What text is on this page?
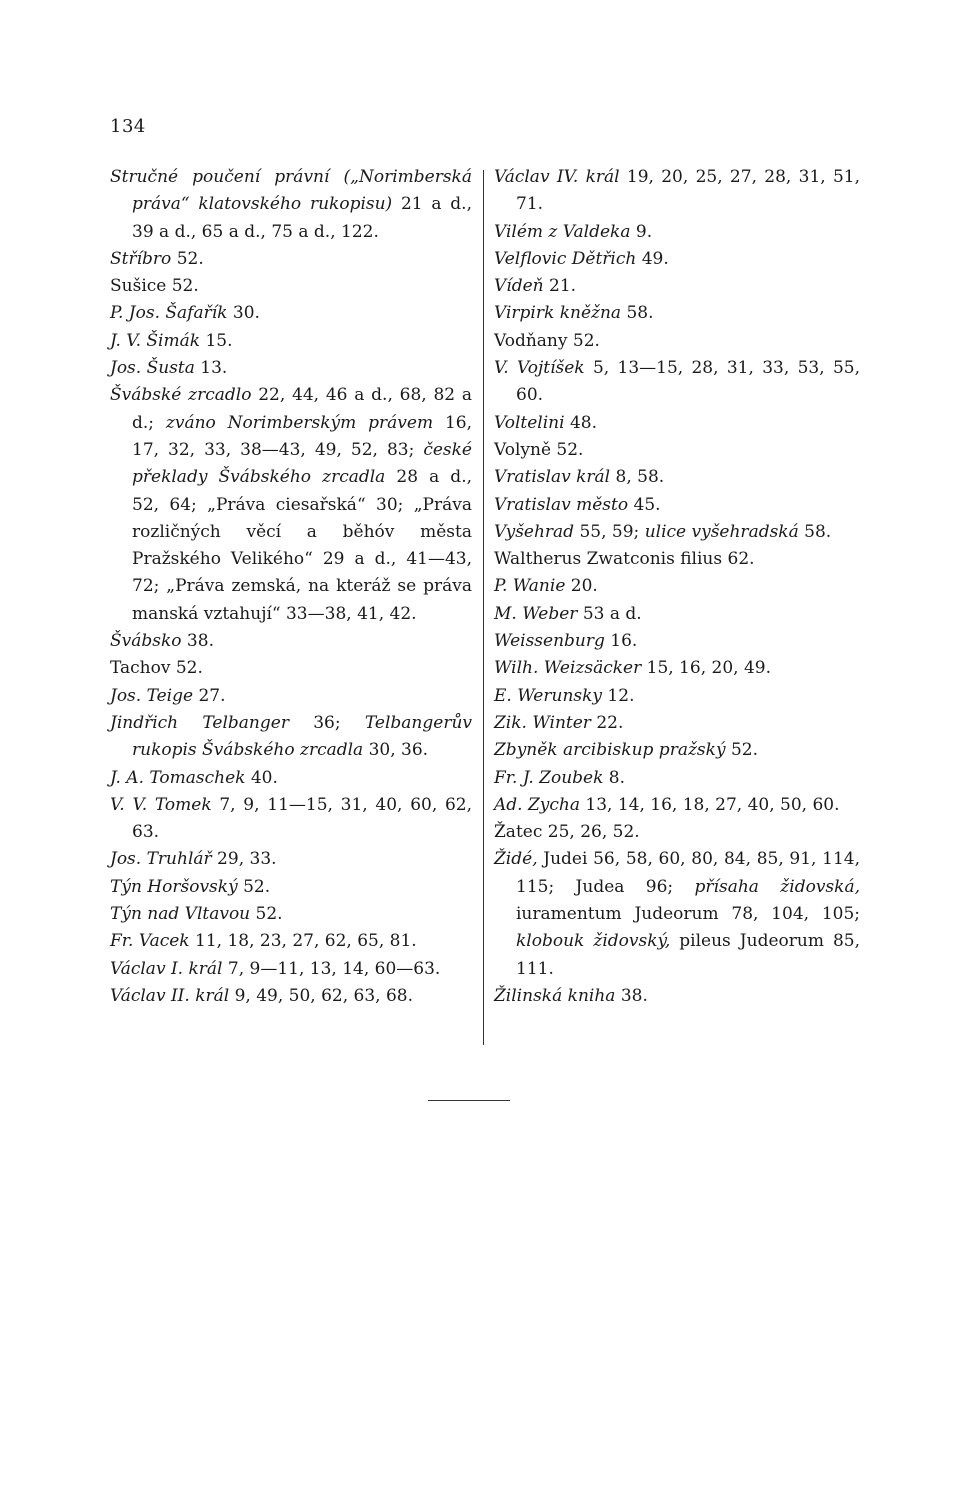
134
Stručné poučení právní („Norimberská práva“ klatovského rukopisu) 21 a d., 39 a d., 65 a d., 75 a d., 122.
Stříbro 52.
Sušice 52.
P. Jos. Šafařík 30.
J. V. Šimák 15.
Jos. Šusta 13.
Švábské zrcadlo 22, 44, 46 a d., 68, 82 a d.; zváno Norimberským právem 16, 17, 32, 33, 38—43, 49, 52, 83; české překlady Švábského zrcadla 28 a d., 52, 64; „Práva ciesařská“ 30; „Práva rozličných věcí a běhóv města Pražského Velikého“ 29 a d., 41—43, 72; „Práva zemská, na kteráž se práva manská vztahují“ 33—38, 41, 42.
Švábsko 38.
Tachov 52.
Jos. Teige 27.
Jindřich Telbanger 36; Telbangerův rukopis Švábského zrcadla 30, 36.
J. A. Tomaschek 40.
V. V. Tomek 7, 9, 11—15, 31, 40, 60, 62, 63.
Jos. Truhlář 29, 33.
Týn Horšovský 52.
Týn nad Vltavou 52.
Fr. Vacek 11, 18, 23, 27, 62, 65, 81.
Václav I. král 7, 9—11, 13, 14, 60—63.
Václav II. král 9, 49, 50, 62, 63, 68.
Václav IV. král 19, 20, 25, 27, 28, 31, 51, 71.
Vilém z Valdeka 9.
Velflovic Dětřich 49.
Vídeň 21.
Virpirk kněžna 58.
Vodňany 52.
V. Vojtíšek 5, 13—15, 28, 31, 33, 53, 55, 60.
Voltelini 48.
Volyně 52.
Vratislav král 8, 58.
Vratislav město 45.
Vyšehrad 55, 59; ulice vyšehradská 58.
Waltherus Zwatconis filius 62.
P. Wanie 20.
M. Weber 53 a d.
Weissenburg 16.
Wilh. Weizsäcker 15, 16, 20, 49.
E. Werunsky 12.
Zik. Winter 22.
Zbyněk arcibiskup pražský 52.
Fr. J. Zoubek 8.
Ad. Zycha 13, 14, 16, 18, 27, 40, 50, 60.
Žatec 25, 26, 52.
Židé, Judei 56, 58, 60, 80, 84, 85, 91, 114, 115; Judea 96; přísaha židovská, iuramentum Judeorum 78, 104, 105; klobouk židovský, pileus Judeorum 85, 111.
Žilinská kniha 38.
